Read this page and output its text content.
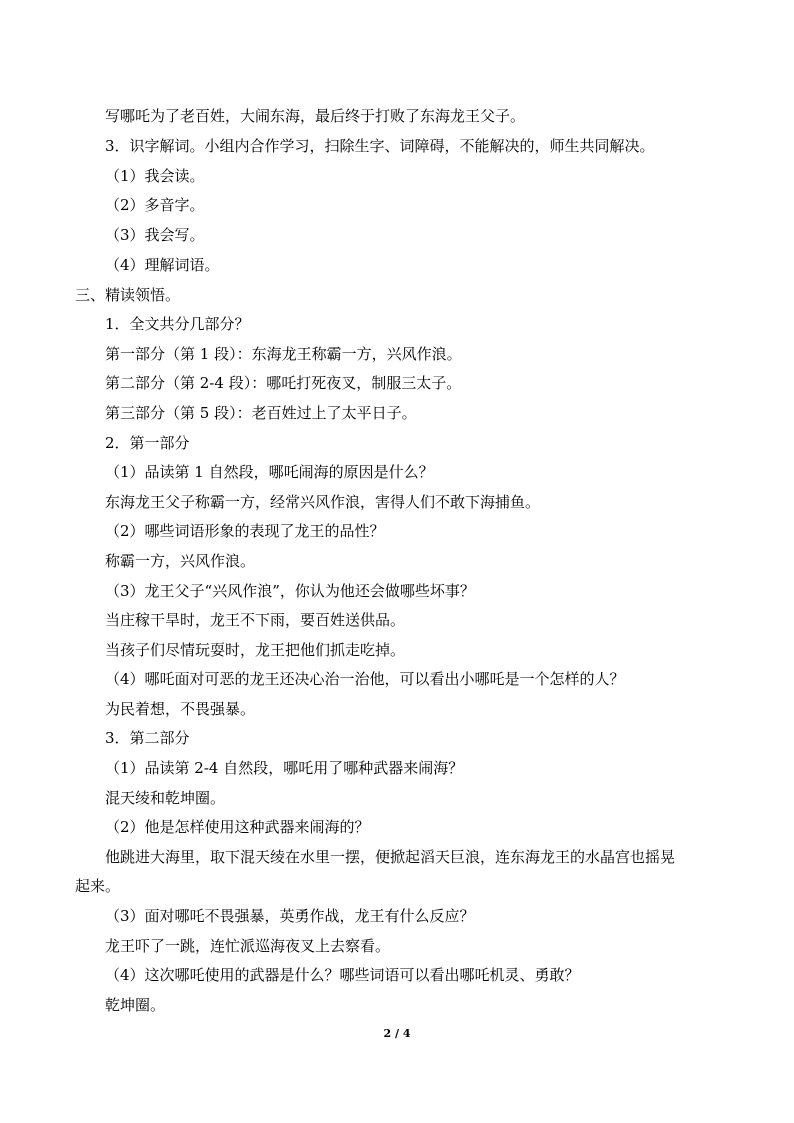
写哪吒为了老百姓，大闹东海，最后终于打败了东海龙王父子。
3．识字解词。小组内合作学习，扫除生字、词障碍，不能解决的，师生共同解决。
（1）我会读。
（2）多音字。
（3）我会写。
（4）理解词语。
三、精读领悟。
1．全文共分几部分？
第一部分（第 1 段）：东海龙王称霸一方，兴风作浪。
第二部分（第 2-4 段）：哪吒打死夜叉，制服三太子。
第三部分（第 5 段）：老百姓过上了太平日子。
2．第一部分
（1）品读第 1 自然段，哪吒闹海的原因是什么？
东海龙王父子称霸一方，经常兴风作浪，害得人们不敢下海捕鱼。
（2）哪些词语形象的表现了龙王的品性？
称霸一方，兴风作浪。
（3）龙王父子“兴风作浪”，你认为他还会做哪些坏事？
当庄稼干旱时，龙王不下雨，要百姓送供品。
当孩子们尽情玩耍时，龙王把他们抓走吃掉。
（4）哪吒面对可恶的龙王还决心治一治他，可以看出小哪吒是一个怎样的人？
为民着想，不畏强暴。
3．第二部分
（1）品读第 2-4 自然段，哪吒用了哪种武器来闹海？
混天绫和乾坤圈。
（2）他是怎样使用这种武器来闹海的？
他跳进大海里，取下混天绫在水里一摆，便掀起滔天巨浪，连东海龙王的水晶宫也摇晃
起来。
（3）面对哪吒不畏强暴，英勇作战，龙王有什么反应？
龙王吓了一跳，连忙派巡海夜叉上去察看。
（4）这次哪吒使用的武器是什么？哪些词语可以看出哪吒机灵、勇敢？
乾坤圈。
2 / 4
